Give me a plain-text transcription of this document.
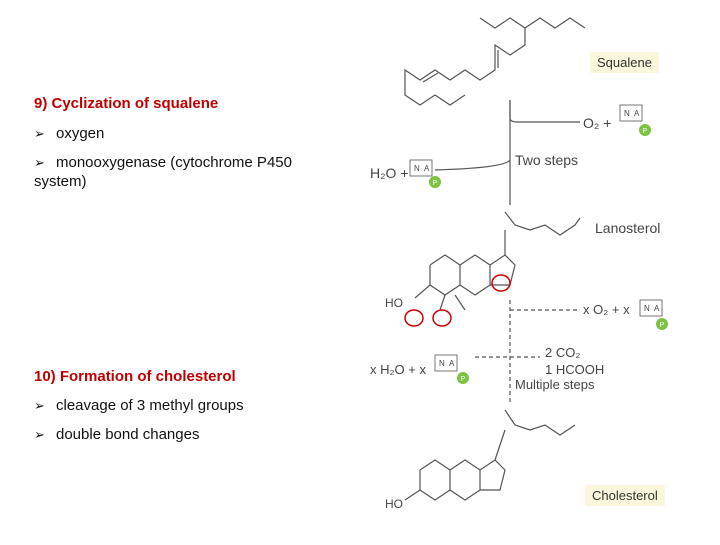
9) Cyclization of squalene
➢ oxygen
➢ monooxygenase (cytochrome P450
system)
10) Formation of cholesterol
➢ cleavage of 3 methyl groups
➢ double bond changes
N A
P
N A
P
N A
P
N A
P
Squalene
O₂ +
H₂O +
Two steps
Lanosterol
HO	x O₂ + x
x H₂O + x
2 CO₂
1 HCOOH
Multiple steps
HO
Cholesterol
